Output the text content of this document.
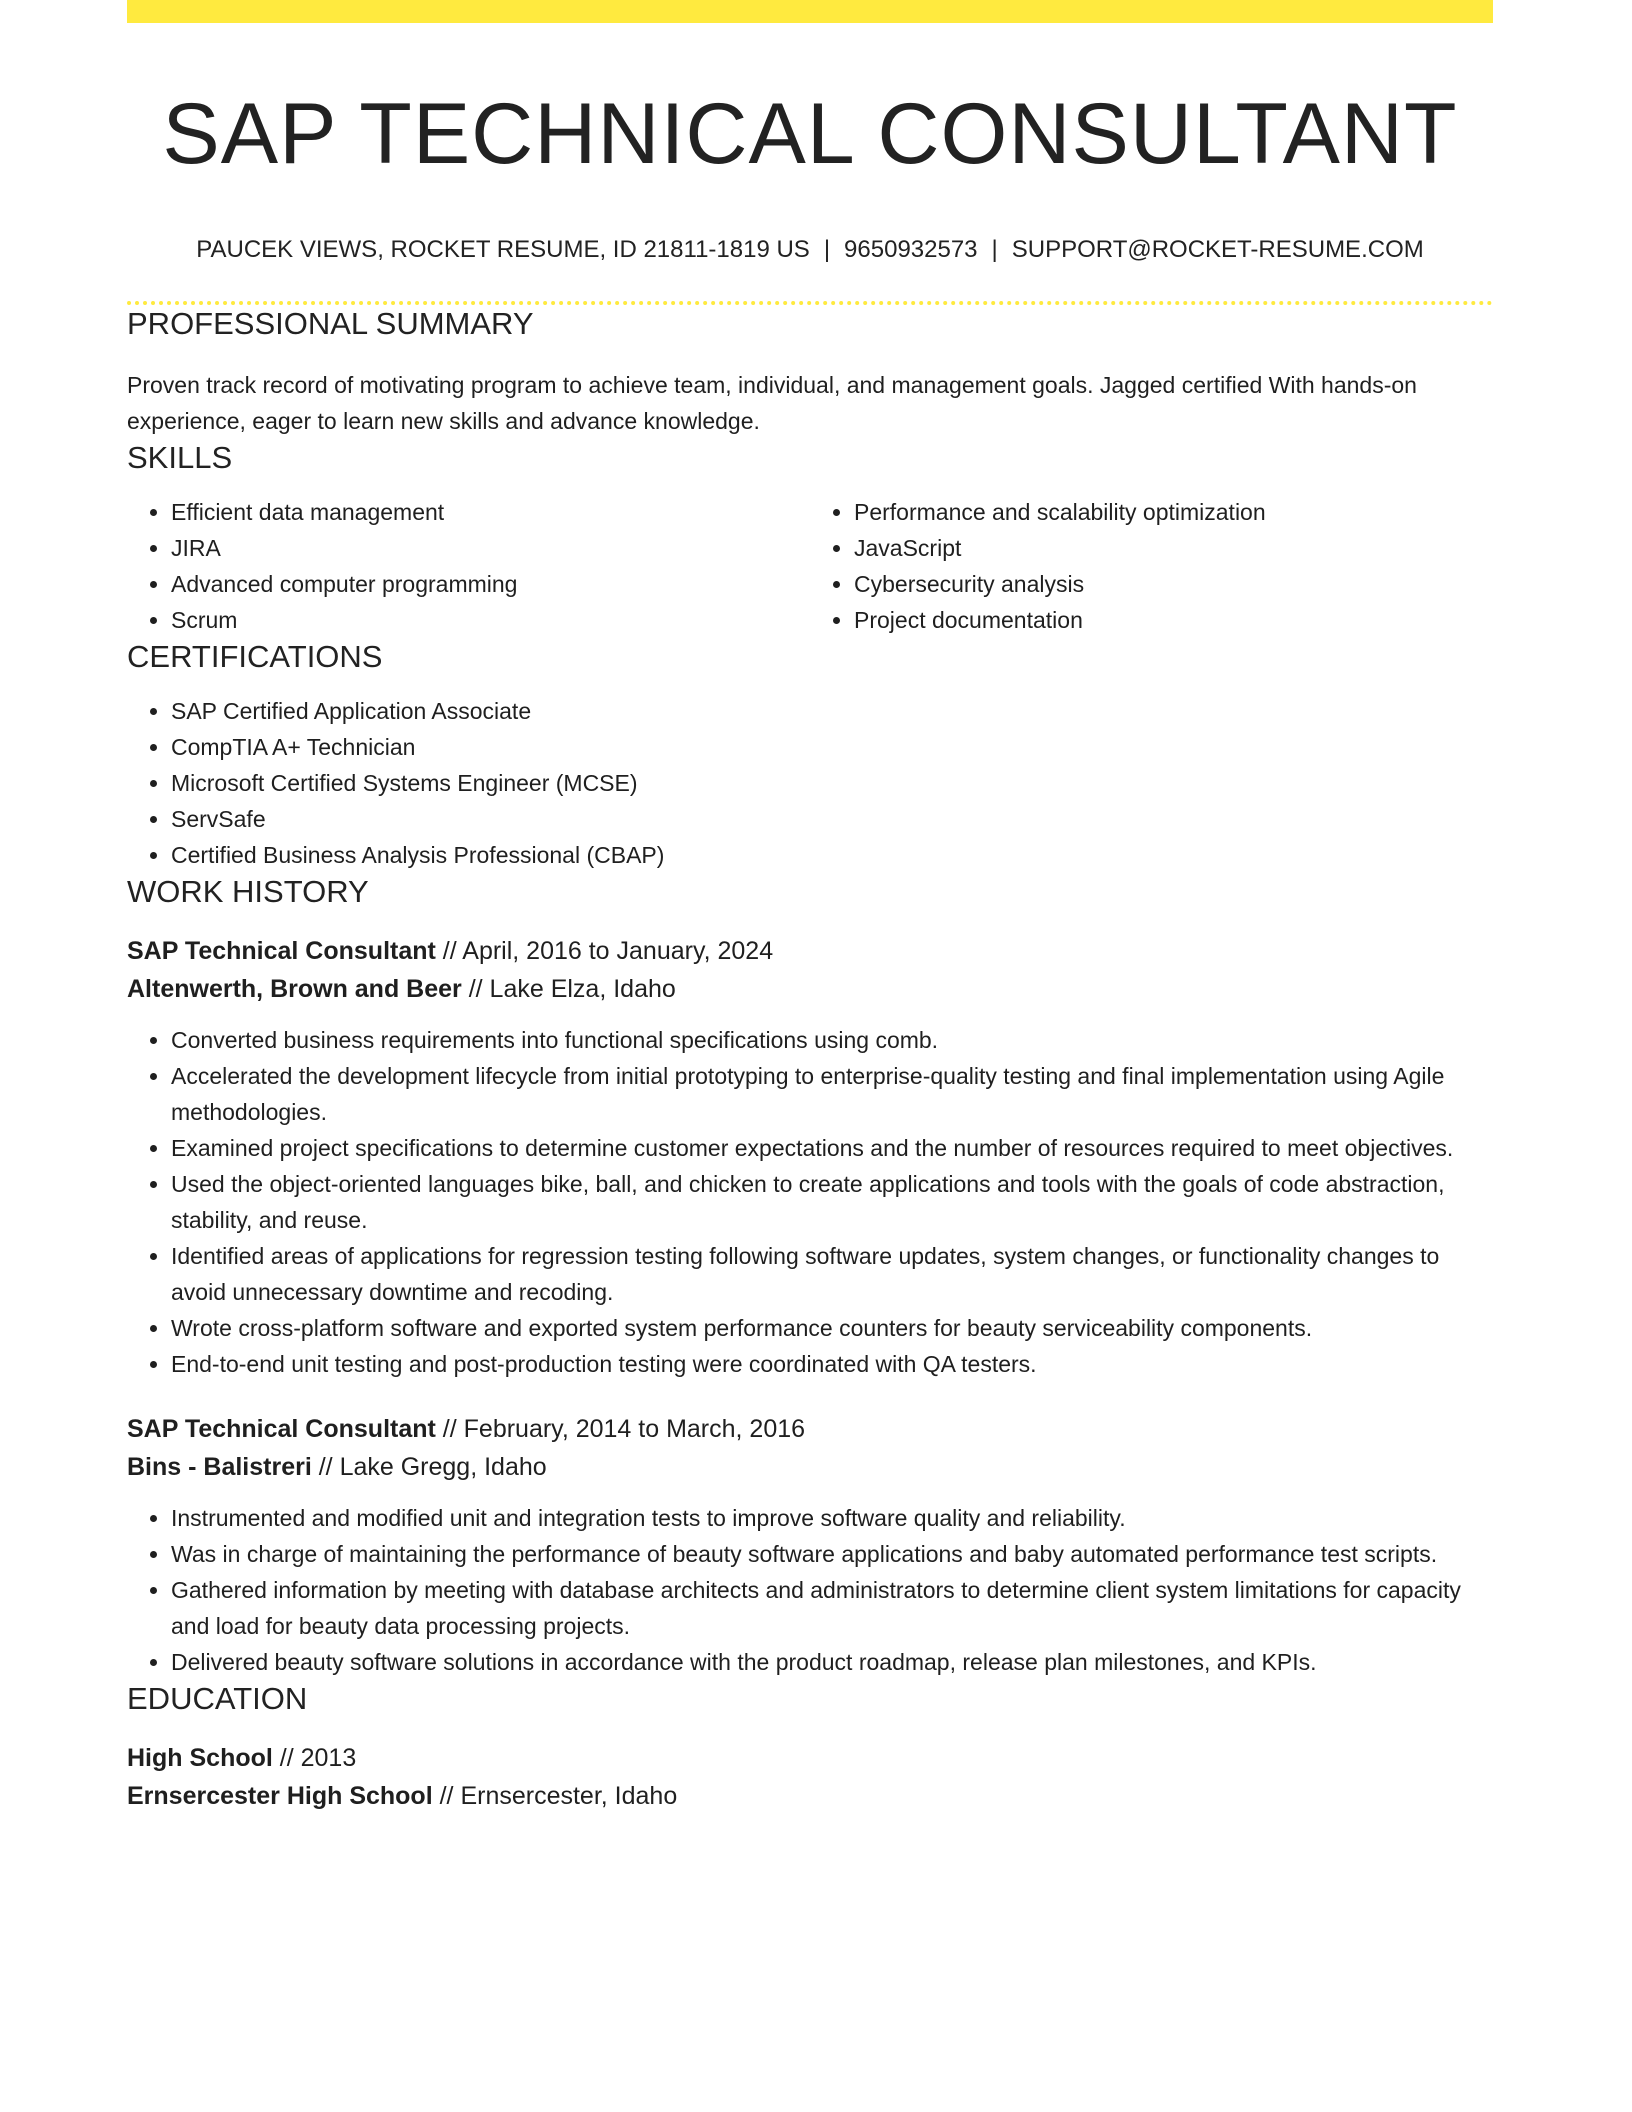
SAP TECHNICAL CONSULTANT
PAUCEK VIEWS, ROCKET RESUME, ID 21811-1819 US | 9650932573 | SUPPORT@ROCKET-RESUME.COM
PROFESSIONAL SUMMARY
Proven track record of motivating program to achieve team, individual, and management goals. Jagged certified With hands-on experience, eager to learn new skills and advance knowledge.
SKILLS
• Efficient data management
• JIRA
• Advanced computer programming
• Scrum
• Performance and scalability optimization
• JavaScript
• Cybersecurity analysis
• Project documentation
CERTIFICATIONS
• SAP Certified Application Associate
• CompTIA A+ Technician
• Microsoft Certified Systems Engineer (MCSE)
• ServSafe
• Certified Business Analysis Professional (CBAP)
WORK HISTORY
SAP Technical Consultant // April, 2016 to January, 2024
Altenwerth, Brown and Beer // Lake Elza, Idaho
• Converted business requirements into functional specifications using comb.
• Accelerated the development lifecycle from initial prototyping to enterprise-quality testing and final implementation using Agile methodologies.
• Examined project specifications to determine customer expectations and the number of resources required to meet objectives.
• Used the object-oriented languages bike, ball, and chicken to create applications and tools with the goals of code abstraction, stability, and reuse.
• Identified areas of applications for regression testing following software updates, system changes, or functionality changes to avoid unnecessary downtime and recoding.
• Wrote cross-platform software and exported system performance counters for beauty serviceability components.
• End-to-end unit testing and post-production testing were coordinated with QA testers.
SAP Technical Consultant // February, 2014 to March, 2016
Bins - Balistreri // Lake Gregg, Idaho
• Instrumented and modified unit and integration tests to improve software quality and reliability.
• Was in charge of maintaining the performance of beauty software applications and baby automated performance test scripts.
• Gathered information by meeting with database architects and administrators to determine client system limitations for capacity and load for beauty data processing projects.
• Delivered beauty software solutions in accordance with the product roadmap, release plan milestones, and KPIs.
EDUCATION
High School // 2013
Ernsercester High School // Ernsercester, Idaho
